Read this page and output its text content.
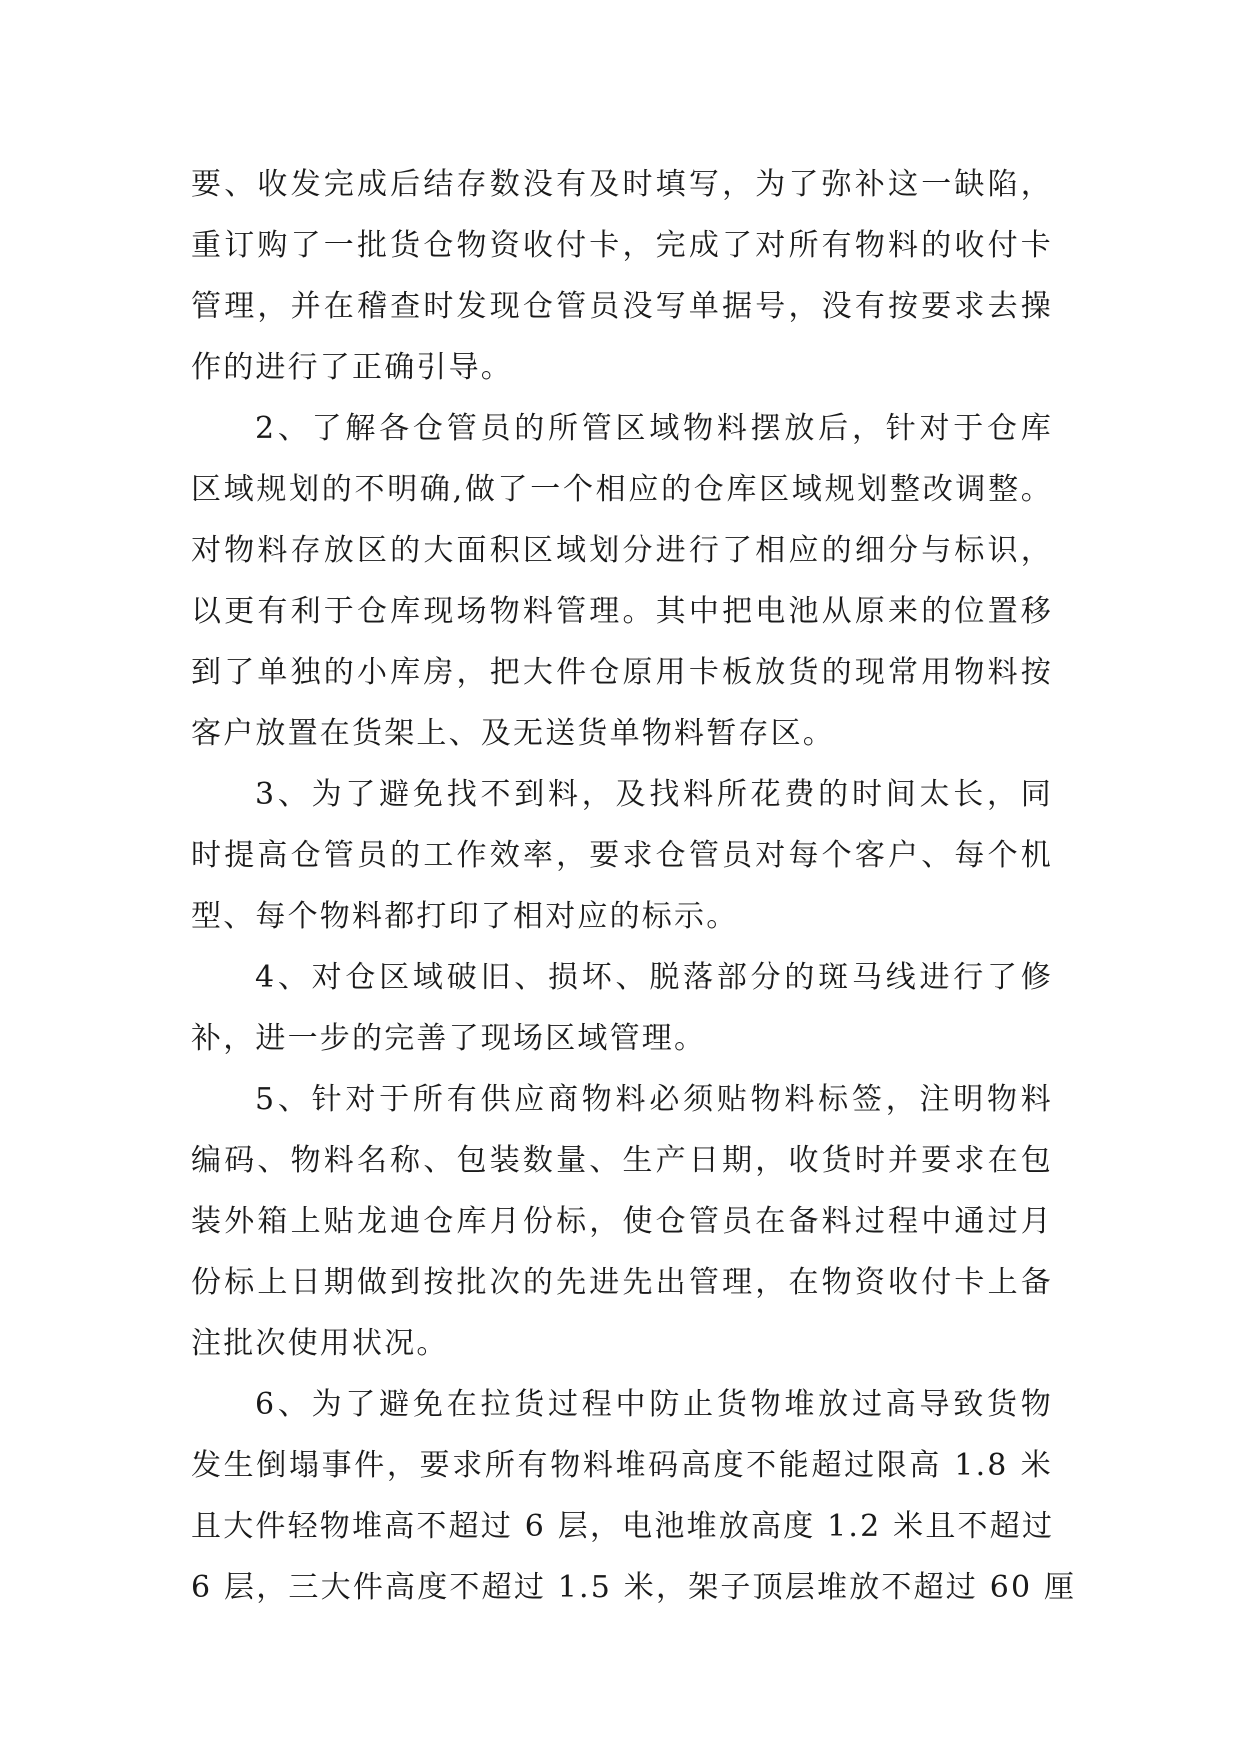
要、收发完成后结存数没有及时填写，为了弥补这一缺陷，
重订购了一批货仓物资收付卡，完成了对所有物料的收付卡
管理，并在稽查时发现仓管员没写单据号，没有按要求去操
作的进行了正确引导。
2、了解各仓管员的所管区域物料摆放后，针对于仓库
区域规划的不明确,做了一个相应的仓库区域规划整改调整。
对物料存放区的大面积区域划分进行了相应的细分与标识，
以更有利于仓库现场物料管理。其中把电池从原来的位置移
到了单独的小库房，把大件仓原用卡板放货的现常用物料按
客户放置在货架上、及无送货单物料暂存区。
3、为了避免找不到料，及找料所花费的时间太长，同
时提高仓管员的工作效率，要求仓管员对每个客户、每个机
型、每个物料都打印了相对应的标示。
4、对仓区域破旧、损坏、脱落部分的斑马线进行了修
补，进一步的完善了现场区域管理。
5、针对于所有供应商物料必须贴物料标签，注明物料
编码、物料名称、包装数量、生产日期，收货时并要求在包
装外箱上贴龙迪仓库月份标，使仓管员在备料过程中通过月
份标上日期做到按批次的先进先出管理，在物资收付卡上备
注批次使用状况。
6、为了避免在拉货过程中防止货物堆放过高导致货物
发生倒塌事件，要求所有物料堆码高度不能超过限高 1.8 米
且大件轻物堆高不超过 6 层，电池堆放高度 1.2 米且不超过
6 层，三大件高度不超过 1.5 米，架子顶层堆放不超过 60 厘
